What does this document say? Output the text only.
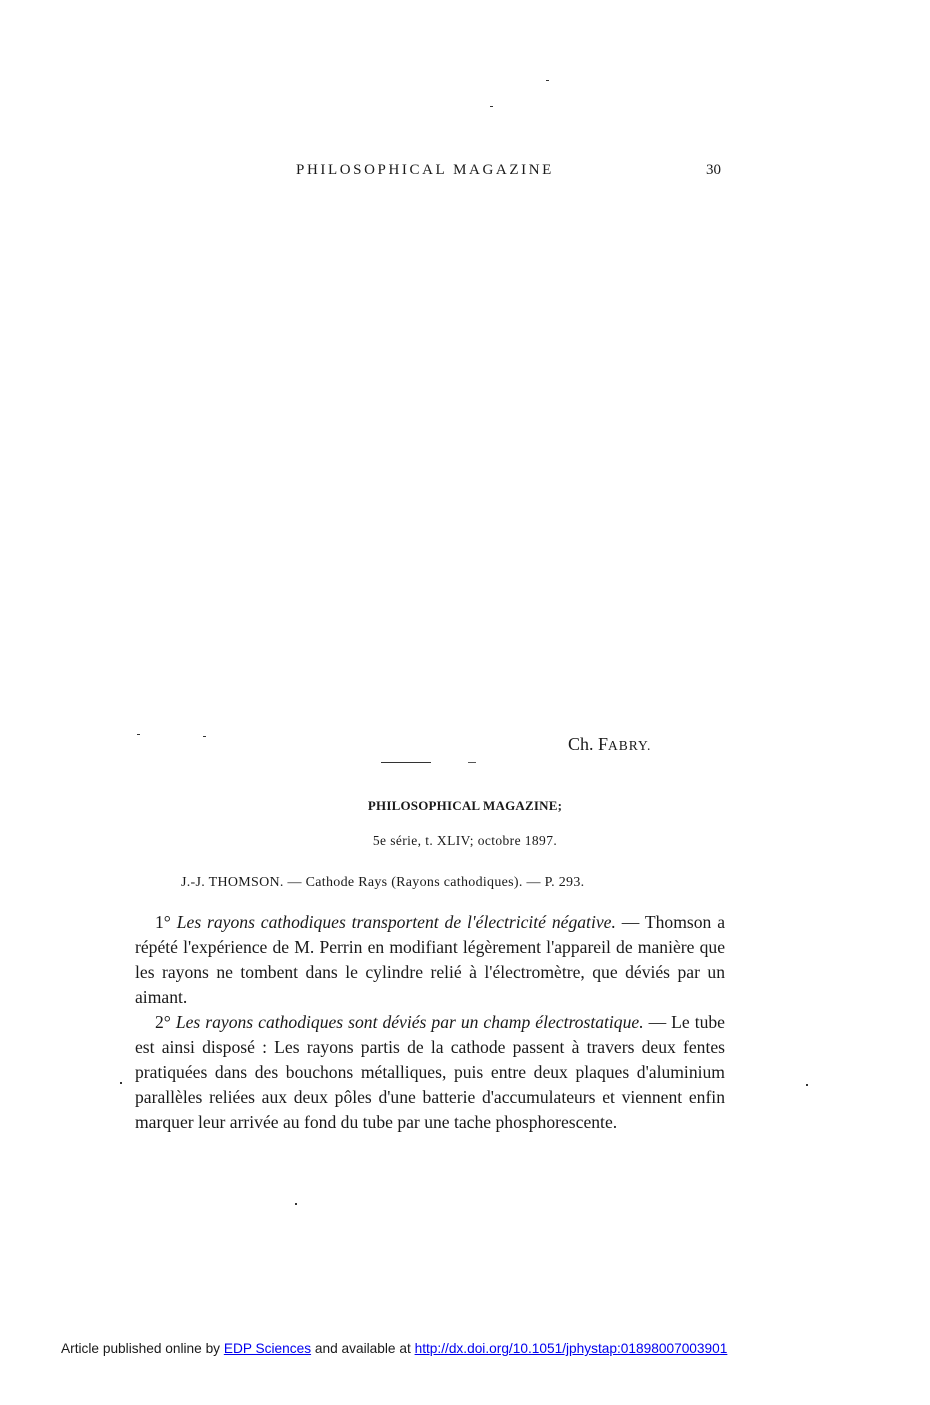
PHILOSOPHICAL MAGAZINE	30
Ch. FABRY.
PHILOSOPHICAL MAGAZINE;
5e série, t. XLIV; octobre 1897.
J.-J. THOMSON. — Cathode Rays (Rayons cathodiques). — P. 293.

1° Les rayons cathodiques transportent de l'électricité négative. — Thomson a répété l'expérience de M. Perrin en modifiant légèrement l'appareil de manière que les rayons ne tombent dans le cylindre relié à l'électromètre, que déviés par un aimant.

2° Les rayons cathodiques sont déviés par un champ électrostatique. — Le tube est ainsi disposé : Les rayons partis de la cathode passent à travers deux fentes pratiquées dans des bouchons métalliques, puis entre deux plaques d'aluminium parallèles reliées aux deux pôles d'une batterie d'accumulateurs et viennent enfin marquer leur arrivée au fond du tube par une tache phosphorescente.

Article published online by EDP Sciences and available at http://dx.doi.org/10.1051/jphystap:01898007003901
